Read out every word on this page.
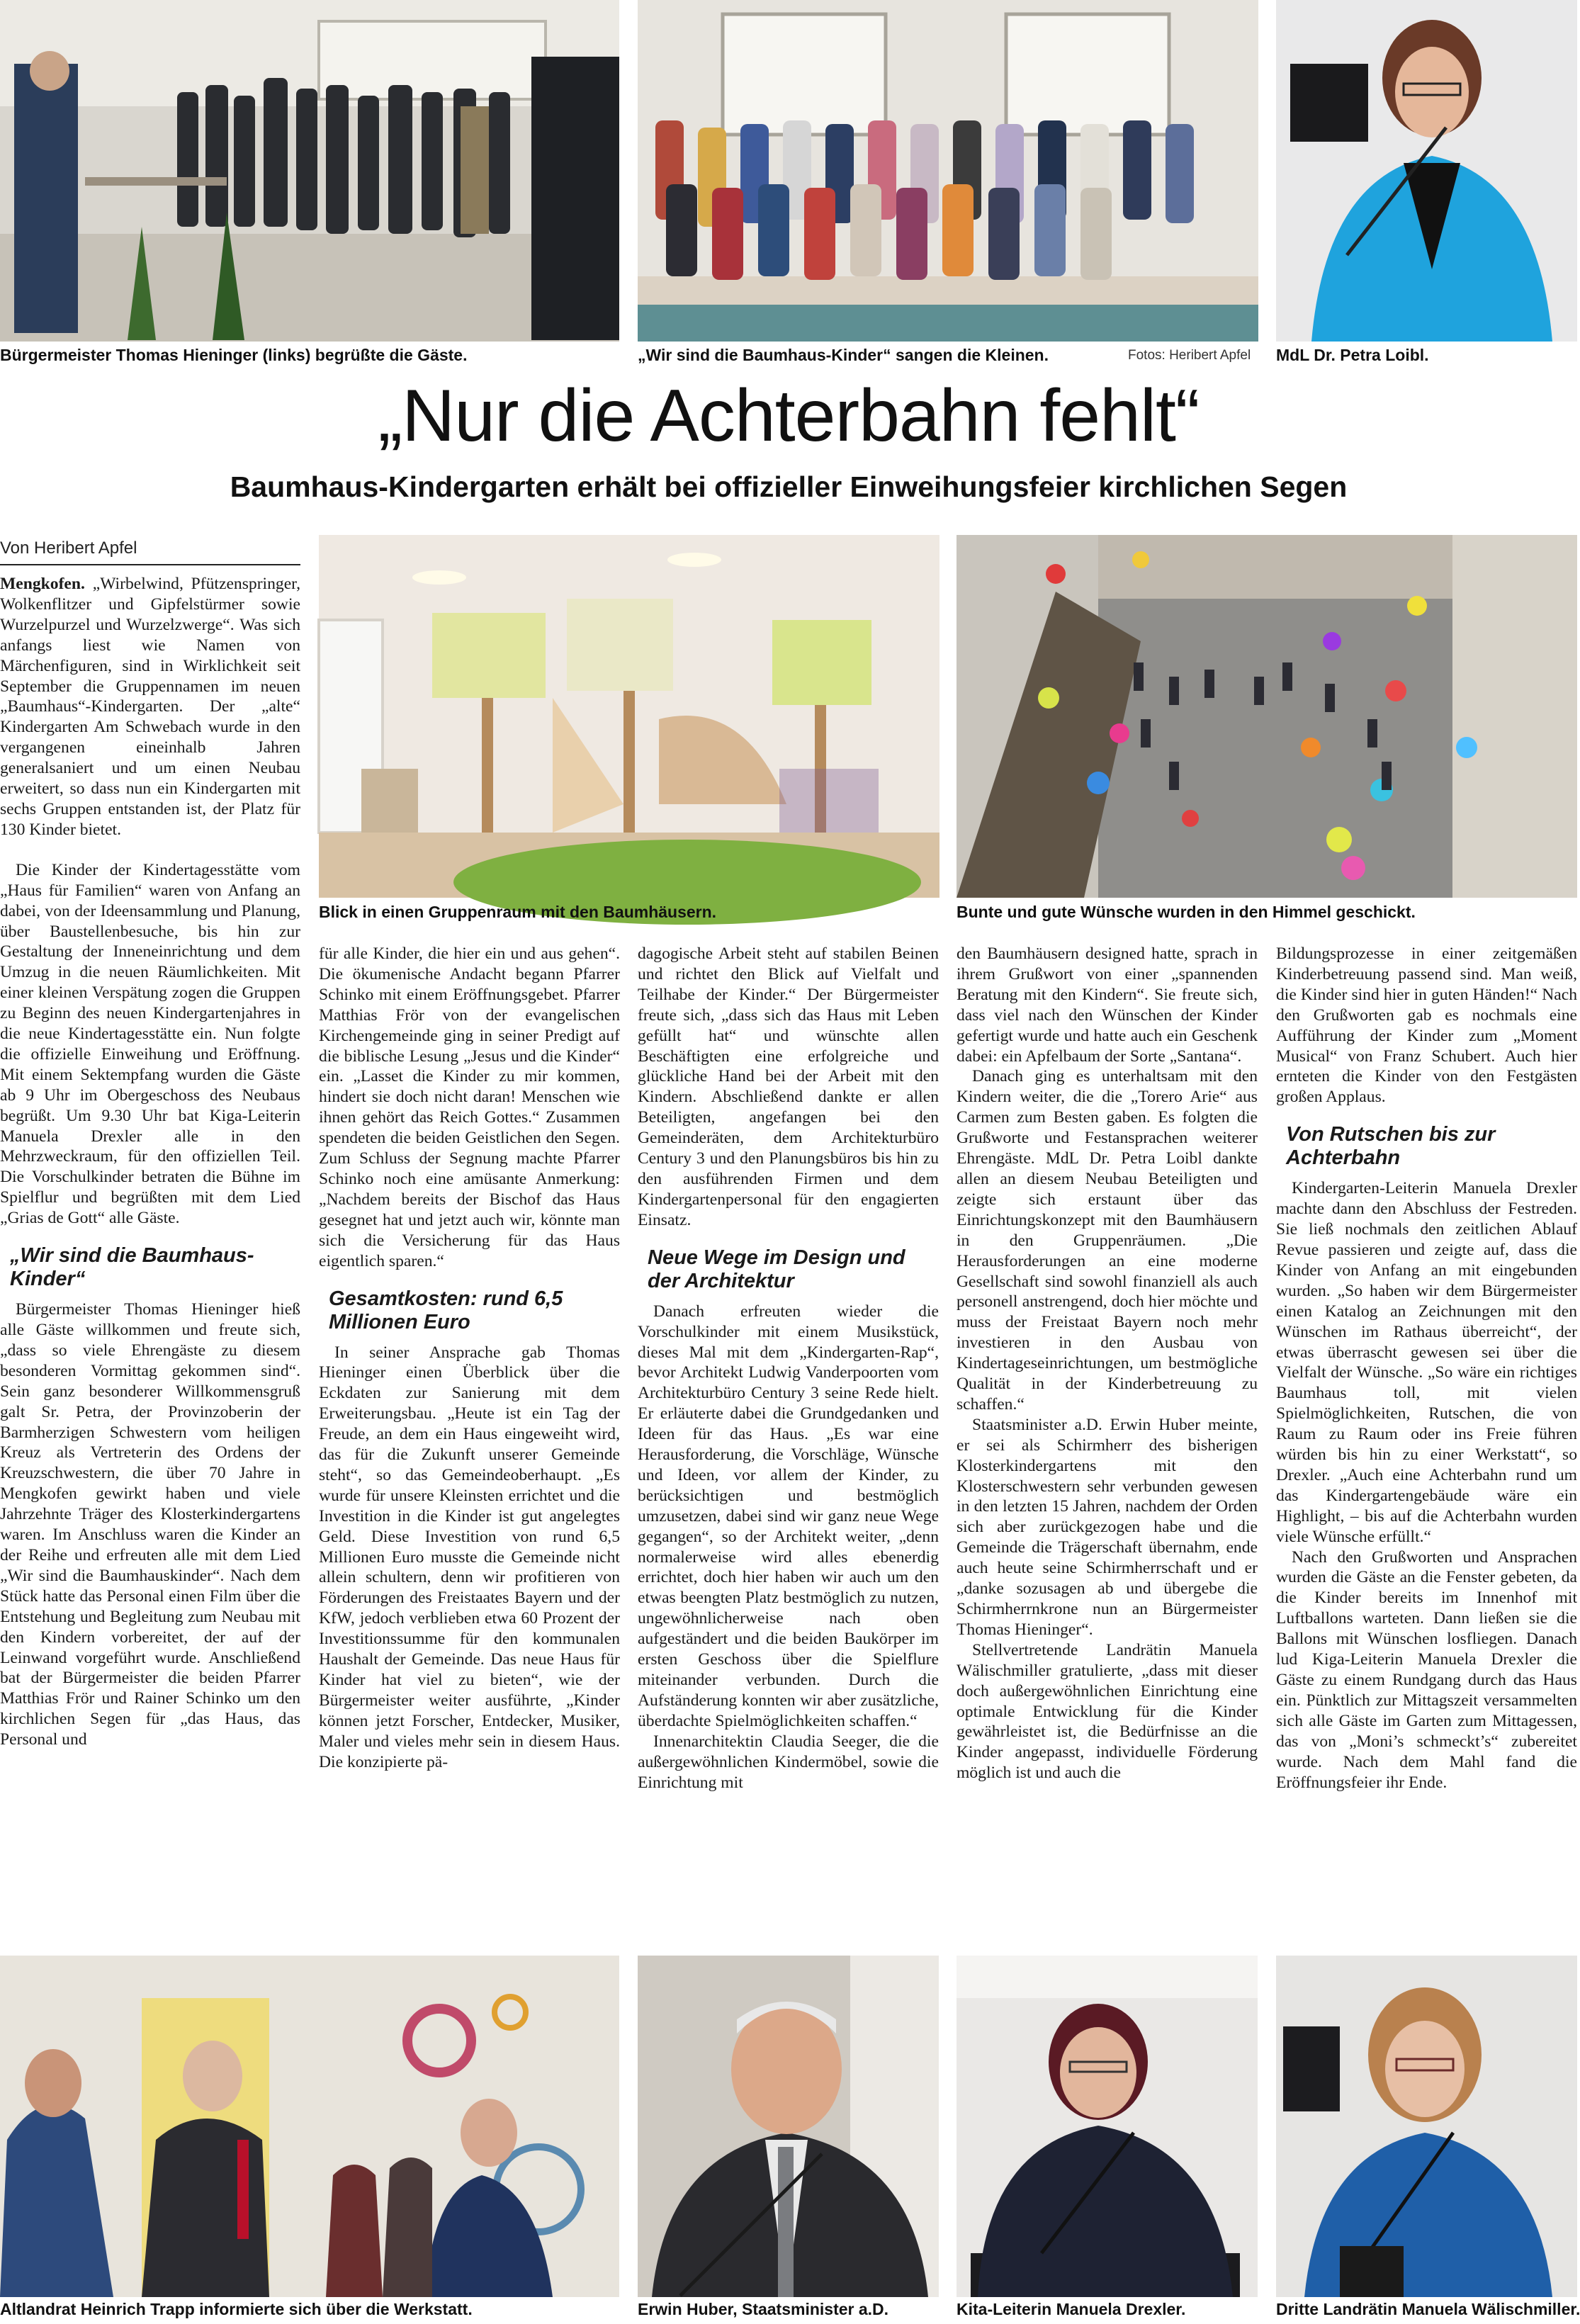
Bürgermeister Thomas Hieninger (links) begrüßte die Gäste.	„Wir sind die Baumhaus-Kinder“ sangen die Kleinen.	Fotos: Heribert Apfel MdL Dr. Petra Loibl.
„Nur die Achterbahn fehlt“
Baumhaus-Kindergarten erhält bei offizieller Einweihungsfeier kirchlichen Segen
Von Heribert Apfel
Blick in einen Gruppenraum mit den Baumhäusern.	Bunte und gute Wünsche wurden in den Himmel geschickt.

Mengkofen. „Wirbelwind, Pfützenspringer, Wolkenflitzer und Gipfelstürmer sowie Wurzelpurzel und Wurzelzwerge“. Was sich anfangs liest wie Namen von Märchenfiguren, sind in Wirklichkeit seit September die Gruppennamen im neuen „Baumhaus“-Kindergarten. Der „alte“ Kindergarten Am Schwebach wurde in den vergangenen eineinhalb Jahren generalsaniert und um einen Neubau erweitert, so dass nun ein Kindergarten mit sechs Gruppen entstanden ist, der Platz für 130 Kinder bietet.

Die Kinder der Kindertagesstätte vom „Haus für Familien“ waren von Anfang an dabei, von der Ideensammlung und Planung, über Baustellenbesuche, bis hin zur Gestaltung der Inneneinrichtung und dem Umzug in die neuen Räumlichkeiten. Mit einer kleinen Verspätung zogen die Gruppen zu Beginn des neuen Kindergartenjahres in die neue Kindertagesstätte ein. Nun folgte die offizielle Einweihung und Eröffnung. Mit einem Sektempfang wurden die Gäste ab 9 Uhr im Obergeschoss des Neubaus begrüßt. Um 9.30 Uhr bat Kiga-Leiterin Manuela Drexler alle in den Mehrzweckraum, für den offiziellen Teil. Die Vorschulkinder betraten die Bühne im Spielflur und begrüßten mit dem Lied „Grias de Gott“ alle Gäste.

„Wir sind die Baumhaus-Kinder“

Bürgermeister Thomas Hieninger hieß alle Gäste willkommen und freute sich, „dass so viele Ehrengäste zu diesem besonderen Vormittag gekommen sind“. Sein ganz besonderer Willkommensgruß galt Sr. Petra, der Provinzoberin der Barmherzigen Schwestern vom heiligen Kreuz als Vertreterin des Ordens der Kreuzschwestern, die über 70 Jahre in Mengkofen gewirkt haben und viele Jahrzehnte Träger des Klosterkindergartens waren. Im Anschluss waren die Kinder an der Reihe und erfreuten alle mit dem Lied „Wir sind die Baumhauskinder“. Nach dem Stück hatte das Personal einen Film über die Entstehung und Begleitung zum Neubau mit den Kindern vorbereitet, der auf der Leinwand vorgeführt wurde. Anschließend bat der Bürgermeister die beiden Pfarrer Matthias Frör und Rainer Schinko um den kirchlichen Segen für „das Haus, das Personal und

für alle Kinder, die hier ein und aus gehen“. Die ökumenische Andacht begann Pfarrer Schinko mit einem Eröffnungsgebet. Pfarrer Matthias Frör von der evangelischen Kirchengemeinde ging in seiner Predigt auf die biblische Lesung „Jesus und die Kinder“ ein. „Lasset die Kinder zu mir kommen, hindert sie doch nicht daran! Menschen wie ihnen gehört das Reich Gottes.“ Zusammen spendeten die beiden Geistlichen den Segen. Zum Schluss der Segnung machte Pfarrer Schinko noch eine amüsante Anmerkung: „Nachdem bereits der Bischof das Haus gesegnet hat und jetzt auch wir, könnte man sich die Versicherung für das Haus eigentlich sparen.“

Gesamtkosten: rund 6,5 Millionen Euro

In seiner Ansprache gab Thomas Hieninger einen Überblick über die Eckdaten zur Sanierung mit dem Erweiterungsbau. „Heute ist ein Tag der Freude, an dem ein Haus eingeweiht wird, das für die Zukunft unserer Gemeinde steht“, so das Gemeindeoberhaupt. „Es wurde für unsere Kleinsten errichtet und die Investition in die Kinder ist gut angelegtes Geld. Diese Investition von rund 6,5 Millionen Euro musste die Gemeinde nicht allein schultern, denn wir profitieren von Förderungen des Freistaates Bayern und der KfW, jedoch verblieben etwa 60 Prozent der Investitionssumme für den kommunalen Haushalt der Gemeinde. Das neue Haus für Kinder hat viel zu bieten“, wie der Bürgermeister weiter ausführte, „Kinder können jetzt Forscher, Entdecker, Musiker, Maler und vieles mehr sein in diesem Haus. Die konzipierte pä-

dagogische Arbeit steht auf stabilen Beinen und richtet den Blick auf Vielfalt und Teilhabe der Kinder.“ Der Bürgermeister freute sich, „dass sich das Haus mit Leben gefüllt hat“ und wünschte allen Beschäftigten eine erfolgreiche und glückliche Hand bei der Arbeit mit den Kindern. Abschließend dankte er allen Beteiligten, angefangen bei den Gemeinderäten, dem Architekturbüro Century 3 und den Planungsbüros bis hin zu den ausführenden Firmen und dem Kindergartenpersonal für den engagierten Einsatz.

Neue Wege im Design und der Architektur

Danach erfreuten wieder die Vorschulkinder mit einem Musikstück, dieses Mal mit dem „Kindergarten-Rap“, bevor Architekt Ludwig Vanderpoorten vom Architekturbüro Century 3 seine Rede hielt. Er erläuterte dabei die Grundgedanken und Ideen für das Haus. „Es war eine Herausforderung, die Vorschläge, Wünsche und Ideen, vor allem der Kinder, zu berücksichtigen und bestmöglich umzusetzen, dabei sind wir ganz neue Wege gegangen“, so der Architekt weiter, „denn normalerweise wird alles ebenerdig errichtet, doch hier haben wir auch um den etwas beengten Platz bestmöglich zu nutzen, ungewöhnlicherweise nach oben aufgeständert und die beiden Baukörper im ersten Geschoss über die Spielflure miteinander verbunden. Durch die Aufständerung konnten wir aber zusätzliche, überdachte Spielmöglichkeiten schaffen.“

Innenarchitektin Claudia Seeger, die die außergewöhnlichen Kindermöbel, sowie die Einrichtung mit

den Baumhäusern designed hatte, sprach in ihrem Grußwort von einer „spannenden Beratung mit den Kindern“. Sie freute sich, dass viel nach den Wünschen der Kinder gefertigt wurde und hatte auch ein Geschenk dabei: ein Apfelbaum der Sorte „Santana“.

Danach ging es unterhaltsam mit den Kindern weiter, die die „Torero Arie“ aus Carmen zum Besten gaben. Es folgten die Grußworte und Festansprachen weiterer Ehrengäste. MdL Dr. Petra Loibl dankte allen an diesem Neubau Beteiligten und zeigte sich erstaunt über das Einrichtungskonzept mit den Baumhäusern in den Gruppenräumen. „Die Herausforderungen an eine moderne Gesellschaft sind sowohl finanziell als auch personell anstrengend, doch hier möchte und muss der Freistaat Bayern noch mehr investieren in den Ausbau von Kindertageseinrichtungen, um bestmögliche Qualität in der Kinderbetreuung zu schaffen.“

Staatsminister a.D. Erwin Huber meinte, er sei als Schirmherr des bisherigen Klosterkindergartens mit den Klosterschwestern sehr verbunden gewesen in den letzten 15 Jahren, nachdem der Orden sich aber zurückgezogen habe und die Gemeinde die Trägerschaft übernahm, ende auch heute seine Schirmherrschaft und er „danke sozusagen ab und übergebe die Schirmherrnkrone nun an Bürgermeister Thomas Hieninger“.

Stellvertretende Landrätin Manuela Wälischmiller gratulierte, „dass mit dieser doch außergewöhnlichen Einrichtung eine optimale Entwicklung für die Kinder gewährleistet ist, die Bedürfnisse an die Kinder angepasst, individuelle Förderung möglich ist und auch die

Bildungsprozesse in einer zeitgemäßen Kinderbetreuung passend sind. Man weiß, die Kinder sind hier in guten Händen!“ Nach den Grußworten gab es nochmals eine Aufführung der Kinder zum „Moment Musical“ von Franz Schubert. Auch hier ernteten die Kinder von den Festgästen großen Applaus.

Von Rutschen bis zur Achterbahn

Kindergarten-Leiterin Manuela Drexler machte dann den Abschluss der Festreden. Sie ließ nochmals den zeitlichen Ablauf Revue passieren und zeigte auf, dass die Kinder von Anfang an mit eingebunden wurden. „So haben wir dem Bürgermeister einen Katalog an Zeichnungen mit den Wünschen im Rathaus überreicht“, der etwas überrascht gewesen sei über die Vielfalt der Wünsche. „So wäre ein richtiges Baumhaus toll, mit vielen Spielmöglichkeiten, Rutschen, die von Raum zu Raum oder ins Freie führen würden bis hin zu einer Werkstatt“, so Drexler. „Auch eine Achterbahn rund um das Kindergartengebäude wäre ein Highlight, – bis auf die Achterbahn wurden viele Wünsche erfüllt.“

Nach den Grußworten und Ansprachen wurden die Gäste an die Fenster gebeten, da die Kinder bereits im Innenhof mit Luftballons warteten. Dann ließen sie die Ballons mit Wünschen losfliegen. Danach lud Kiga-Leiterin Manuela Drexler die Gäste zu einem Rundgang durch das Haus ein. Pünktlich zur Mittagszeit versammelten sich alle Gäste im Garten zum Mittagessen, das von „Moni’s schmeckt’s“ zubereitet wurde. Nach dem Mahl fand die Eröffnungsfeier ihr Ende.

Altlandrat Heinrich Trapp informierte sich über die Werkstatt.	Erwin Huber, Staatsminister a.D.	Kita-Leiterin Manuela Drexler.	Dritte Landrätin Manuela Wälischmiller.
